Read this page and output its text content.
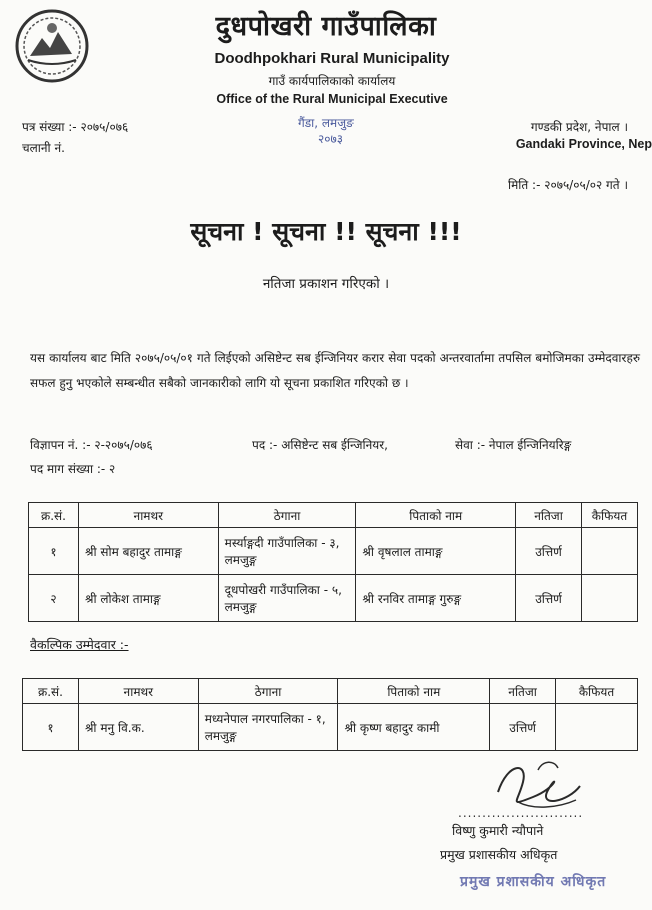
दुधपोखरी गाउँपालिका
Doodhpokhari Rural Municipality
गाउँ कार्यपालिकाको कार्यालय
Office of the Rural Municipal Executive
गैंडा, लमजुङ
२०७३
पत्र संख्या :- २०७५/०७६
चलानी नं.
गण्डकी प्रदेश, नेपाल ।
Gandaki Province, Nep
मिति :- २०७५/०५/०२ गते ।
सूचना ! सूचना !! सूचना !!!
नतिजा प्रकाशन गरिएको ।
यस कार्यालय बाट मिति २०७५/०५/०१ गते लिईएको असिष्टेन्ट सब ईन्जिनियर करार सेवा पदको अन्तरवार्तामा तपसिल बमोजिमका उम्मेदवारहरु सफल हुनु भएकोले सम्बन्धीत सबैको जानकारीको लागि यो सूचना प्रकाशित गरिएको छ ।
विज्ञापन नं. :- २-२०७५/०७६	पद :- असिष्टेन्ट सब ईन्जिनियर,	सेवा :- नेपाल ईन्जिनियरिङ्ग
पद माग संख्या :- २
क्र.सं.	नामथर	ठेगाना	पिताको नाम	नतिजा	कैफियत
१	श्री सोम बहादुर तामाङ्ग	मर्स्याङ्गदी गाउँपालिका - ३, लमजुङ्ग	श्री वृषलाल तामाङ्ग	उत्तिर्ण	
२	श्री लोकेश तामाङ्ग	दूधपोखरी गाउँपालिका - ५, लमजुङ्ग	श्री रनविर तामाङ्ग गुरुङ्ग	उत्तिर्ण	
वैकल्पिक उम्मेदवार :-
क्र.सं.	नामथर	ठेगाना	पिताको नाम	नतिजा	कैफियत
१	श्री मनु वि.क.	मध्यनेपाल नगरपालिका - १, लमजुङ्ग	श्री कृष्ण बहादुर कामी	उत्तिर्ण	
..........................
विष्णु कुमारी न्यौपाने
प्रमुख प्रशासकीय अधिकृत
प्रमुख प्रशासकीय अधिकृत
